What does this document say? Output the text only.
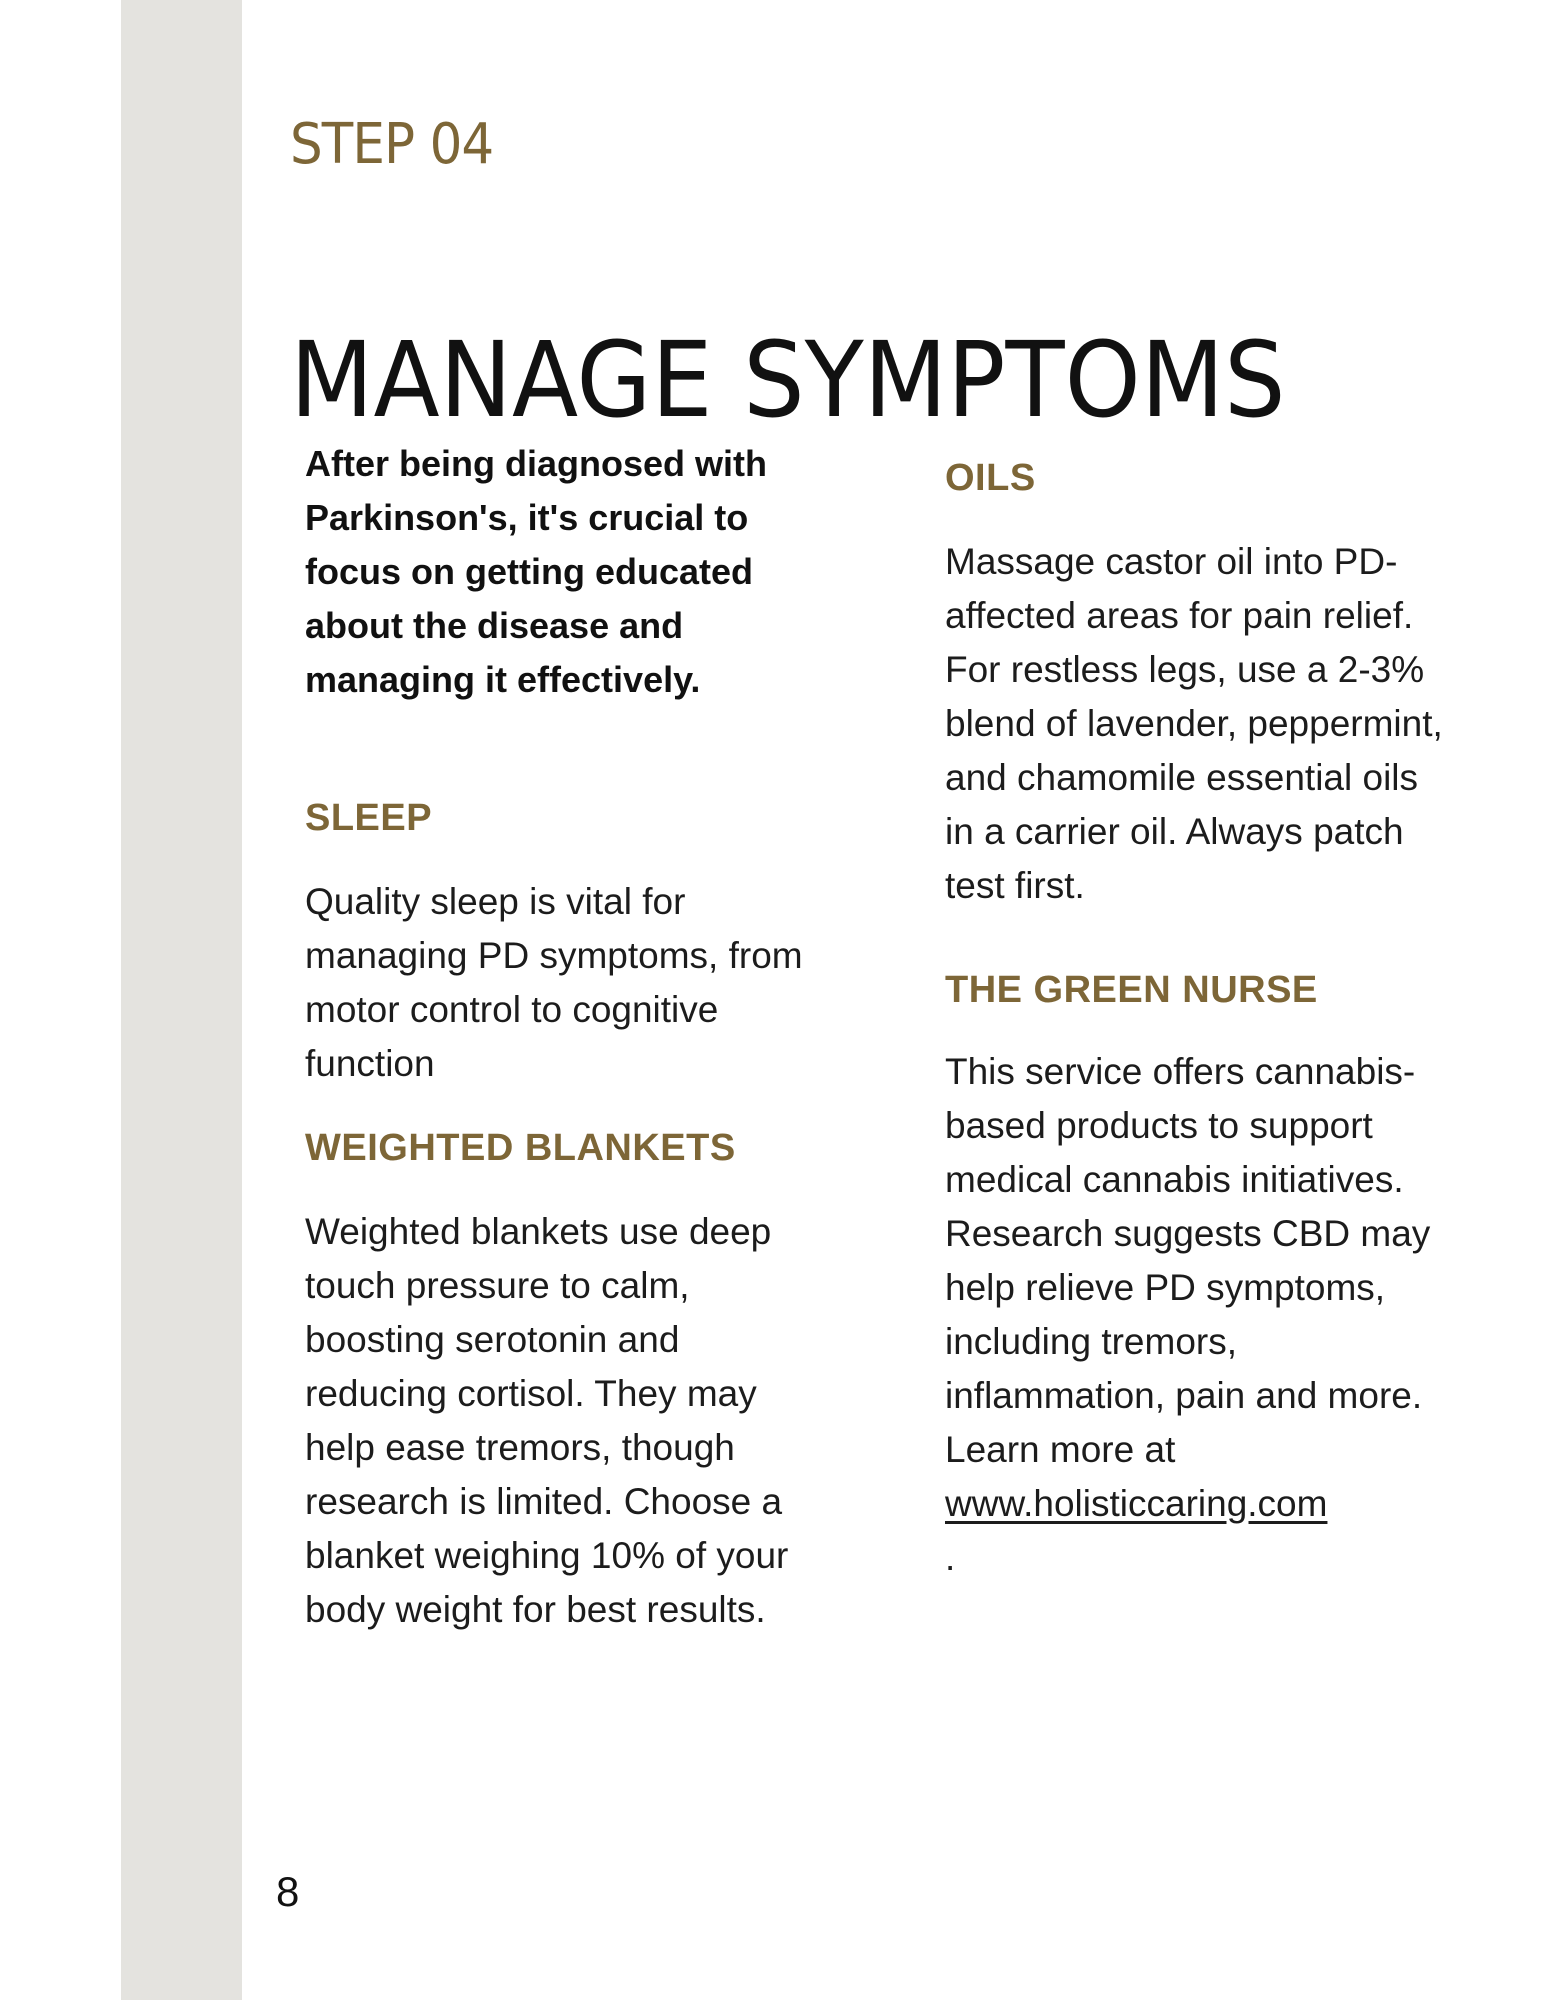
STEP 04
MANAGE SYMPTOMS

After being diagnosed with Parkinson's, it's crucial to focus on getting educated about the disease and managing it effectively.

SLEEP

Quality sleep is vital for managing PD symptoms, from motor control to cognitive function

WEIGHTED BLANKETS

Weighted blankets use deep touch pressure to calm, boosting serotonin and reducing cortisol. They may help ease tremors, though research is limited. Choose a blanket weighing 10% of your body weight for best results.

OILS

Massage castor oil into PD-affected areas for pain relief. For restless legs, use a 2-3% blend of lavender, peppermint, and chamomile essential oils in a carrier oil. Always patch test first.

THE GREEN NURSE

This service offers cannabis-based products to support medical cannabis initiatives. Research suggests CBD may help relieve PD symptoms, including tremors, inflammation, pain and more.

Learn more at

www.holisticcaring.com

.

8
